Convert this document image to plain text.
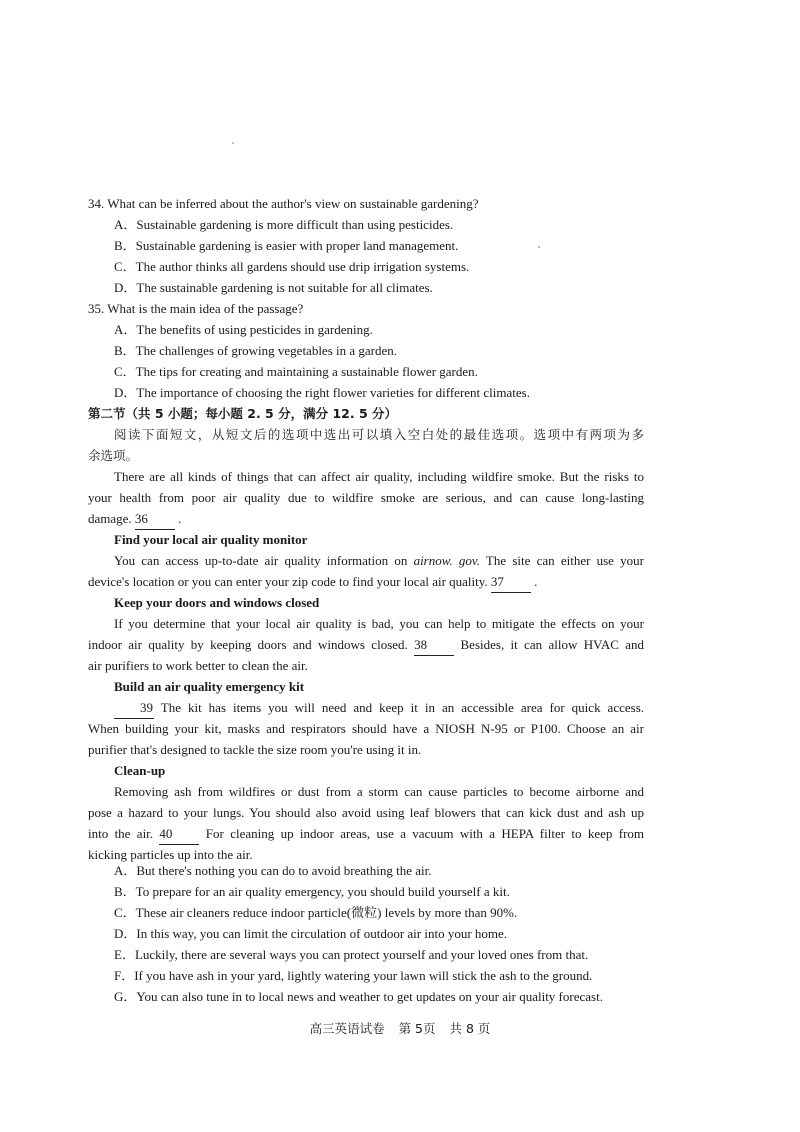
34. What can be inferred about the author's view on sustainable gardening?
A．Sustainable gardening is more difficult than using pesticides.
B．Sustainable gardening is easier with proper land management.
C．The author thinks all gardens should use drip irrigation systems.
D．The sustainable gardening is not suitable for all climates.
35. What is the main idea of the passage?
A．The benefits of using pesticides in gardening.
B．The challenges of growing vegetables in a garden.
C．The tips for creating and maintaining a sustainable flower garden.
D．The importance of choosing the right flower varieties for different climates.
第二节（共 5 小题；每小题 2. 5 分，满分 12. 5 分）
阅读下面短文，从短文后的选项中选出可以填入空白处的最佳选项。选项中有两项为多
余选项。
There are all kinds of things that can affect air quality, including wildfire smoke. But the risks to
your health from poor air quality due to wildfire smoke are serious, and can cause long-lasting
damage. 36 .
Find your local air quality monitor
You can access up-to-date air quality information on airnow. gov. The site can either use your
device's location or you can enter your zip code to find your local air quality. 37 .
Keep your doors and windows closed
If you determine that your local air quality is bad, you can help to mitigate the effects on your
indoor air quality by keeping doors and windows closed. 38	Besides, it can allow HVAC and
air purifiers to work better to clean the air.
Build an air quality emergency kit
39 The kit has items you will need and keep it in an accessible area for quick access.
When building your kit, masks and respirators should have a NIOSH N-95 or P100. Choose an air
purifier that's designed to tackle the size room you're using it in.
Clean-up
Removing ash from wildfires or dust from a storm can cause particles to become airborne and
pose a hazard to your lungs. You should also avoid using leaf blowers that can kick dust and ash up
into the air. 40	For cleaning up indoor areas, use a vacuum with a HEPA filter to keep from
kicking particles up into the air.
A．But there's nothing you can do to avoid breathing the air.
B．To prepare for an air quality emergency, you should build yourself a kit.
C．These air cleaners reduce indoor particle(微粒) levels by more than 90%.
D．In this way, you can limit the circulation of outdoor air into your home.
E．Luckily, there are several ways you can protect yourself and your loved ones from that.
F．If you have ash in your yard, lightly watering your lawn will stick the ash to the ground.
G．You can also tune in to local news and weather to get updates on your air quality forecast.
高三英语试卷 第 5页 共 8 页
